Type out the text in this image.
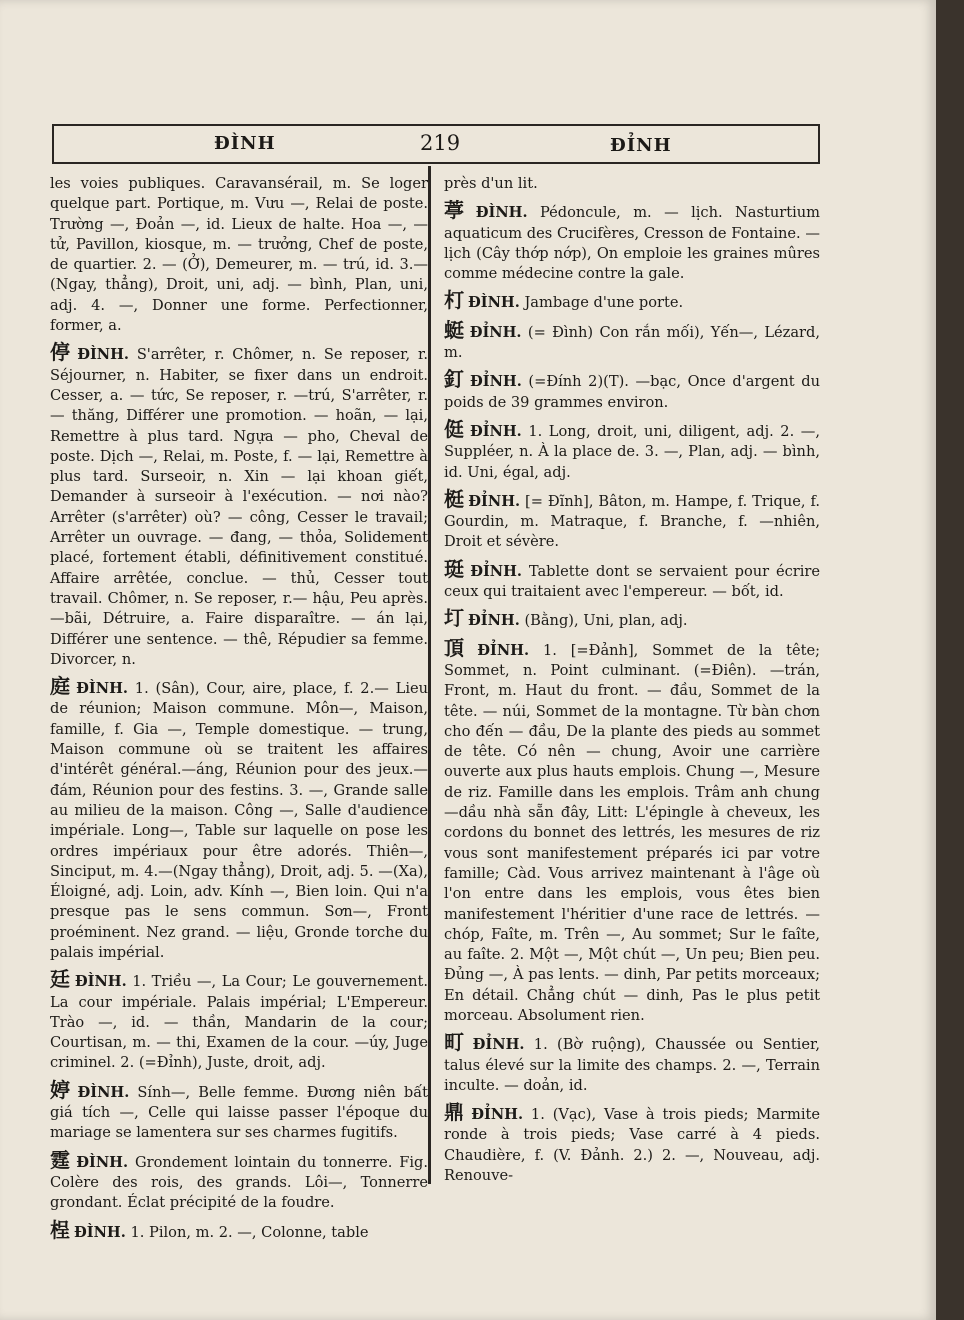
ĐÌNH	219	ĐỈNH

les voies publiques. Caravansérail, m. Se loger quelque part. Portique, m. Vưu —, Relai de poste. Trường —, Đoản —, id. Lieux de halte. Hoa —, — tử, Pavillon, kiosque, m. — trưởng, Chef de poste, de quartier. 2. — (Ở), Demeurer, m. — trú, id. 3.— (Ngay, thẳng), Droit, uni, adj. — bình, Plan, uni, adj. 4. —, Donner une forme. Perfectionner, former, a.

停 ĐÌNH. S'arrêter, r. Chômer, n. Se reposer, r. Séjourner, n. Habiter, se fixer dans un endroit. Cesser, a. — tức, Se reposer, r. —trú, S'arrêter, r. — thăng, Différer une promotion. — hoãn, — lại, Remettre à plus tard. Ngựa — pho, Cheval de poste. Dịch —, Relai, m. Poste, f. — lại, Remettre à plus tard. Surseoir, n. Xin — lại khoan giết, Demander à surseoir à l'exécution. — nơi nào? Arrêter (s'arrêter) où? — công, Cesser le travail; Arrêter un ouvrage. — đang, — thỏa, Solidement placé, fortement établi, définitivement constitué. Affaire arrêtée, conclue. — thủ, Cesser tout travail. Chômer, n. Se reposer, r.— hậu, Peu après. —bãi, Détruire, a. Faire disparaître. — án lại, Différer une sentence. — thê, Répudier sa femme. Divorcer, n.

庭 ĐÌNH. 1. (Sân), Cour, aire, place, f. 2.— Lieu de réunion; Maison commune. Môn—, Maison, famille, f. Gia —, Temple domestique. — trung, Maison commune où se traitent les affaires d'intérêt général.—áng, Réunion pour des jeux.— đám, Réunion pour des festins. 3. —, Grande salle au milieu de la maison. Công —, Salle d'audience impériale. Long—, Table sur laquelle on pose les ordres impériaux pour être adorés. Thiên—, Sinciput, m. 4.—(Ngay thẳng), Droit, adj. 5. —(Xa), Éloigné, adj. Loin, adv. Kính —, Bien loin. Qui n'a presque pas le sens commun. Sơn—, Front proéminent. Nez grand. — liệu, Gronde torche du palais impérial.

廷 ĐÌNH. 1. Triều —, La Cour; Le gouvernement. La cour impériale. Palais impérial; L'Empereur. Trào —, id. — thần, Mandarin de la cour; Courtisan, m. — thi, Examen de la cour. —úy, Juge criminel. 2. (=Đỉnh), Juste, droit, adj.

婷 ĐÌNH. Sính—, Belle femme. Đương niên bất giá tích —, Celle qui laisse passer l'époque du mariage se lamentera sur ses charmes fugitifs.

霆 ĐÌNH. Grondement lointain du tonnerre. Fig. Colère des rois, des grands. Lôi—, Tonnerre grondant. Éclat précipité de la foudre.

桯 ĐÌNH. 1. Pilon, m. 2. —, Colonne, table

près d'un lit.

葶 ĐÌNH. Pédoncule, m. — lịch. Nasturtium aquaticum des Crucifères, Cresson de Fontaine. — lịch (Cây thớp nớp), On emploie les graines mûres comme médecine contre la gale.

朾 ĐÌNH. Jambage d'une porte.

蜓 ĐỈNH. (= Đình) Con rắn mối), Yến—, Lézard, m.

釘 ĐỈNH. (=Đính 2)(T). —bạc, Once d'argent du poids de 39 grammes environ.

侹 ĐỈNH. 1. Long, droit, uni, diligent, adj. 2. —, Suppléer, n. À la place de. 3. —, Plan, adj. — bình, id. Uni, égal, adj.

梃 ĐỈNH. [= Đĩnh], Bâton, m. Hampe, f. Trique, f. Gourdin, m. Matraque, f. Branche, f. —nhiên, Droit et sévère.

珽 ĐỈNH. Tablette dont se servaient pour écrire ceux qui traitaient avec l'empereur. — bốt, id.

圢 ĐỈNH. (Bằng), Uni, plan, adj.

頂 ĐỈNH. 1. [=Đảnh], Sommet de la tête; Sommet, n. Point culminant. (=Điên). —trán, Front, m. Haut du front. — đầu, Sommet de la tête. — núi, Sommet de la montagne. Từ bàn chơn cho đến — đầu, De la plante des pieds au sommet de tête. Có nên — chung, Avoir une carrière ouverte aux plus hauts emplois. Chung —, Mesure de riz. Famille dans les emplois. Trâm anh chung—dầu nhà sẵn đây, Litt: L'épingle à cheveux, les cordons du bonnet des lettrés, les mesures de riz vous sont manifestement préparés ici par votre famille; Càd. Vous arrivez maintenant à l'âge où l'on entre dans les emplois, vous êtes bien manifestement l'héritier d'une race de lettrés. — chóp, Faîte, m. Trên —, Au sommet; Sur le faîte, au faîte. 2. Một —, Một chút —, Un peu; Bien peu. Đủng —, À pas lents. — dinh, Par petits morceaux; En détail. Chẳng chút — dinh, Pas le plus petit morceau. Absolument rien.

町 ĐỈNH. 1. (Bờ ruộng), Chaussée ou Sentier, talus élevé sur la limite des champs. 2. —, Terrain inculte. — doản, id.

鼎 ĐỈNH. 1. (Vạc), Vase à trois pieds; Marmite ronde à trois pieds; Vase carré à 4 pieds. Chaudière, f. (V. Đảnh. 2.) 2. —, Nouveau, adj. Renouve-
